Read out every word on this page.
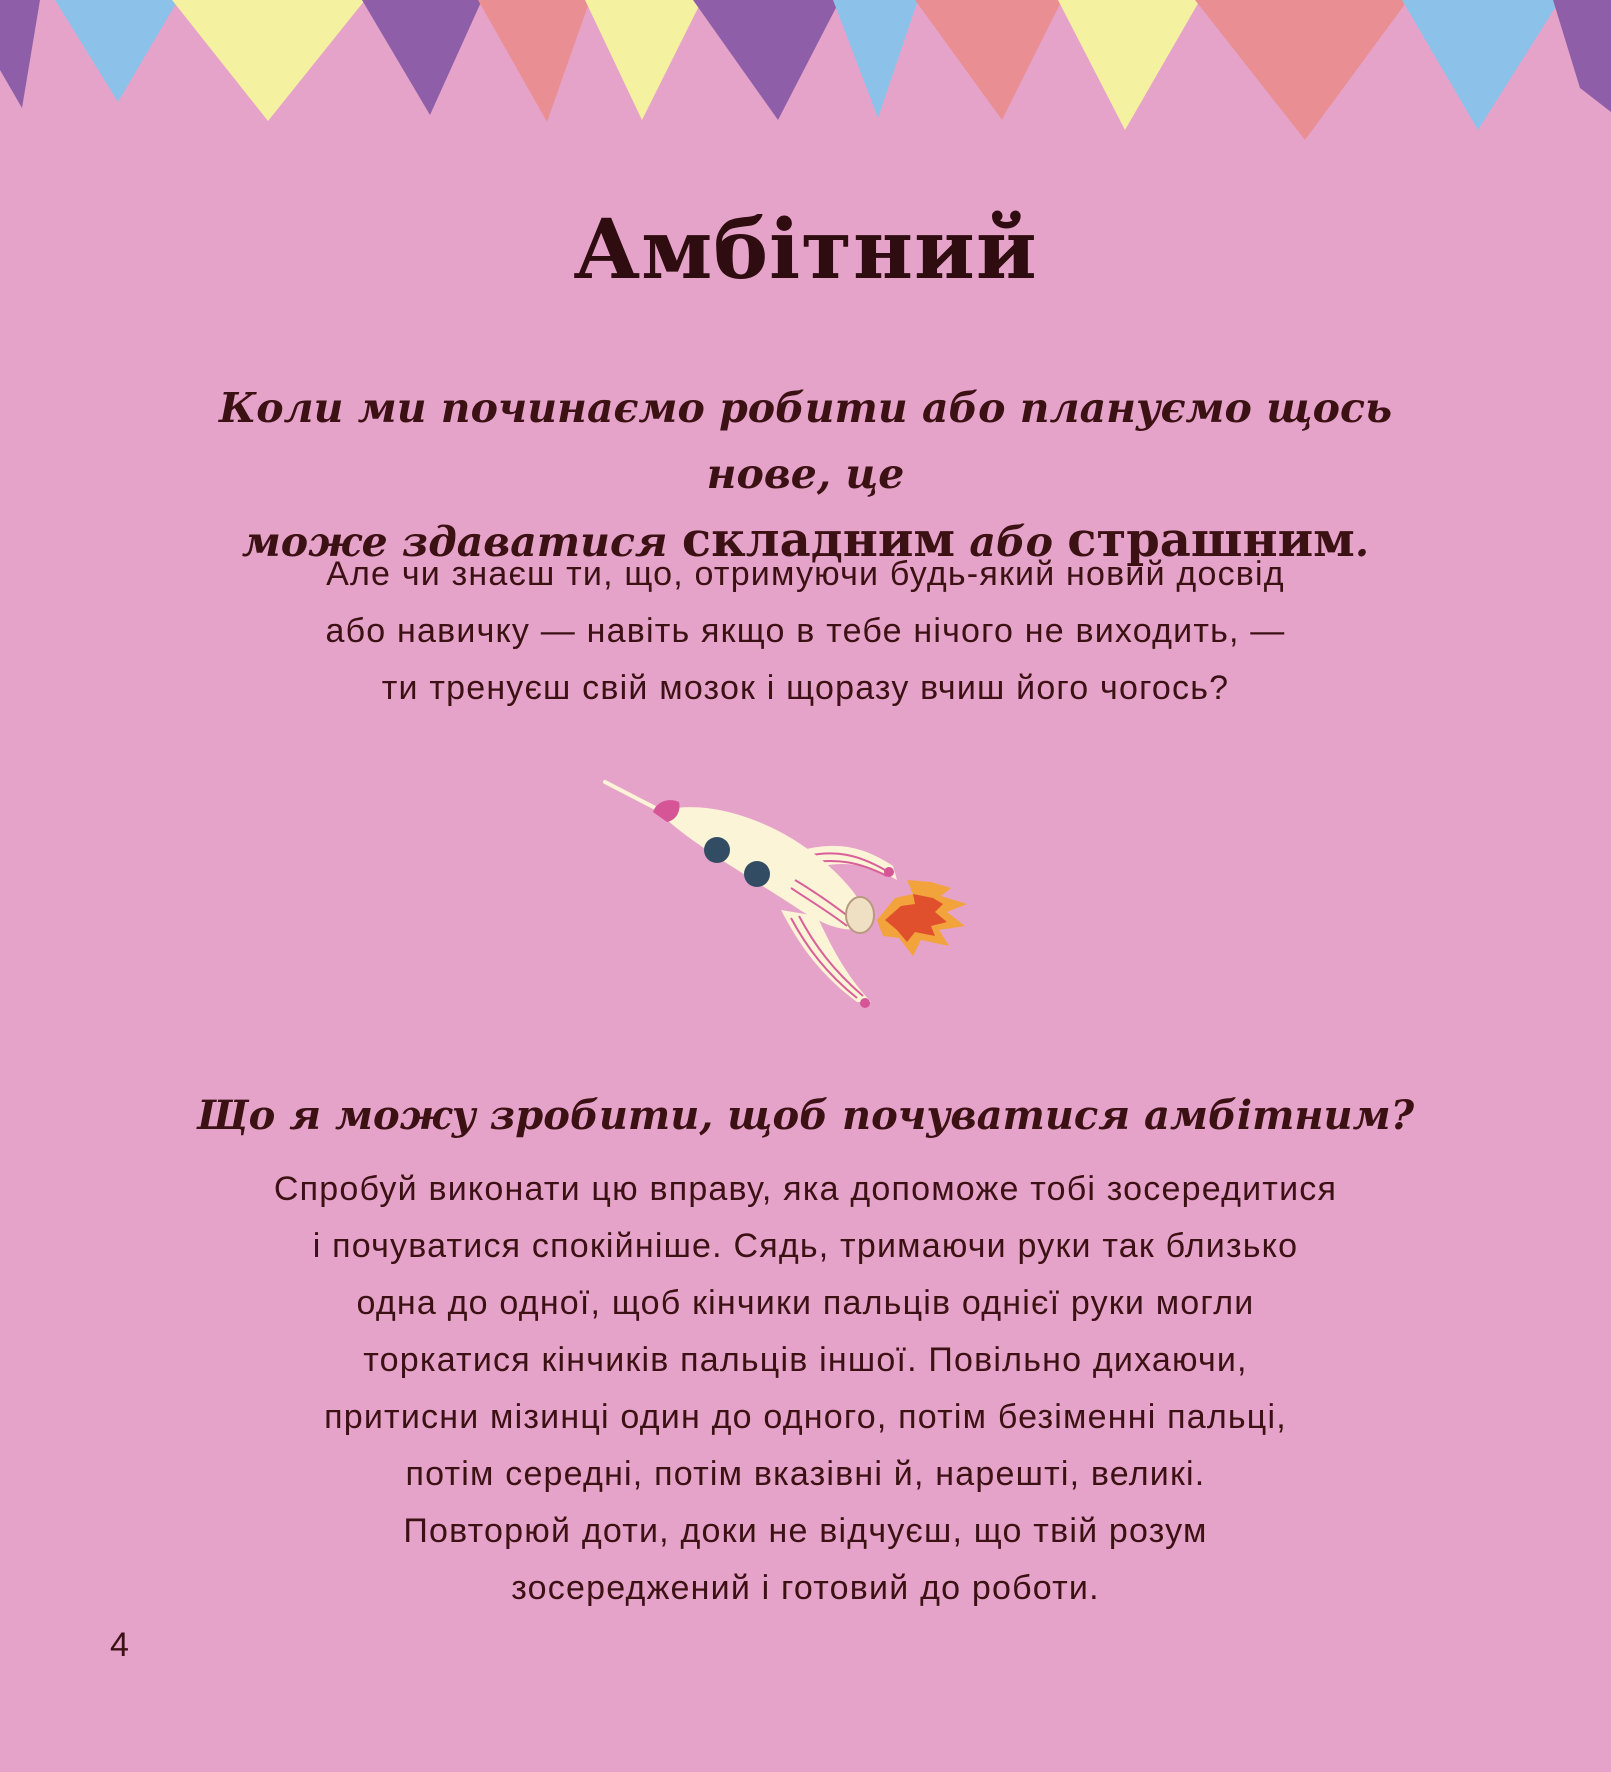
Амбітний
Коли ми починаємо робити або плануємо щось нове, це
може здаватися складним або страшним.
Але чи знаєш ти, що, отримуючи будь-який новий досвід
або навичку — навіть якщо в тебе нічого не виходить, —
ти тренуєш свій мозок і щоразу вчиш його чогось?
Що я можу зробити, щоб почуватися амбітним?
Спробуй виконати цю вправу, яка допоможе тобі зосередитися
і почуватися спокійніше. Сядь, тримаючи руки так близько
одна до одної, щоб кінчики пальців однієї руки могли
торкатися кінчиків пальців іншої. Повільно дихаючи,
притисни мізинці один до одного, потім безіменні пальці,
потім середні, потім вказівні й, нарешті, великі.
Повторюй доти, доки не відчуєш, що твій розум
зосереджений і готовий до роботи.
4
